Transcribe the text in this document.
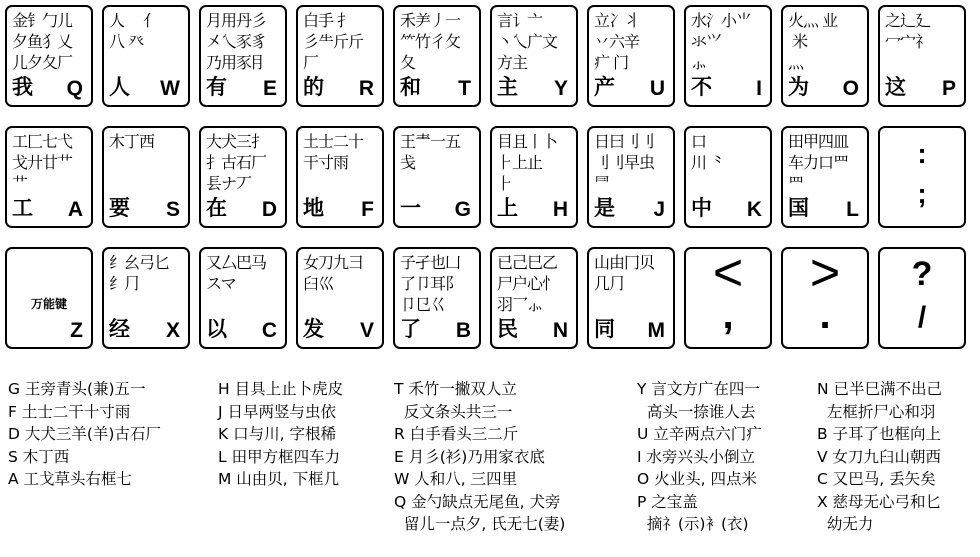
金钅勹儿
夕鱼犭乂
儿夕夂厂
我 Q
人　 亻
八 癶
人 W
月用丹彡
㐅乀豕豸
乃用豕⺝
有 E
白手 扌
彡⺧斤斤
厂
的 R
禾⺶丿一
⺮竹彳攵
夂
和 T
言讠亠
丶乀广文
方主
主 Y
立冫丬
丷六辛
疒 门
产 U
水氵小⺌
氺⺍
⺗
不 I
火灬 业
米
灬
为 O
之辶廴
冖宀礻

这 P
工匚七弋
戈廾廿艹
艹
工 A
木丁西
要 S
大犬三⺘
⺘古石厂
镸ナ丆
在 D
土士二十
干寸雨
地 F
王龶一五
戋
一 G
目且丨卜
⺊上止
⺊
上 H
日曰刂刂
刂刂早虫
⺜
是 J
口
川 ⺀
中 K
田甲四皿
车力口罒
罒
国 L
:
;
万能键
Z
纟幺弓匕
纟⺆
经 X
又厶巴马
スマ
以 C
女刀九彐
臼巛
发 V
子孑也凵
了卩耳阝
卩㔾巜
了 B
已己巳乙
尸户心忄
羽乛⺗
民 N
山由冂贝
几⺆
同 M
<
,
>
.
?
/
G 王旁青头(兼)五一
F 土士二干十寸雨
D 大犬三羊(羊)古石厂
S 木丁西
A 工戈草头右框七
H 目具上止卜虎皮
J 日早两竖与虫依
K 口与川, 字根稀
L 田甲方框四车力
M 山由贝, 下框几
T 禾竹一撇双人立
反文条头共三一
R 白手看头三二斤
E 月彡(衫)乃用家衣底
W 人和八, 三四里
Q 金勺缺点无尾鱼, 犬旁
留儿一点夕, 氏无七(妻)
Y 言文方广在四一
高头一捺谁人去
U 立辛两点六门疒
I 水旁兴头小倒立
O 火业头, 四点米
P 之宝盖
摘礻(示)衤(衣)
N 已半巳满不出己
左框折尸心和羽
B 子耳了也框向上
V 女刀九臼山朝西
C 又巴马, 丢矢矣
X 慈母无心弓和匕
幼无力
